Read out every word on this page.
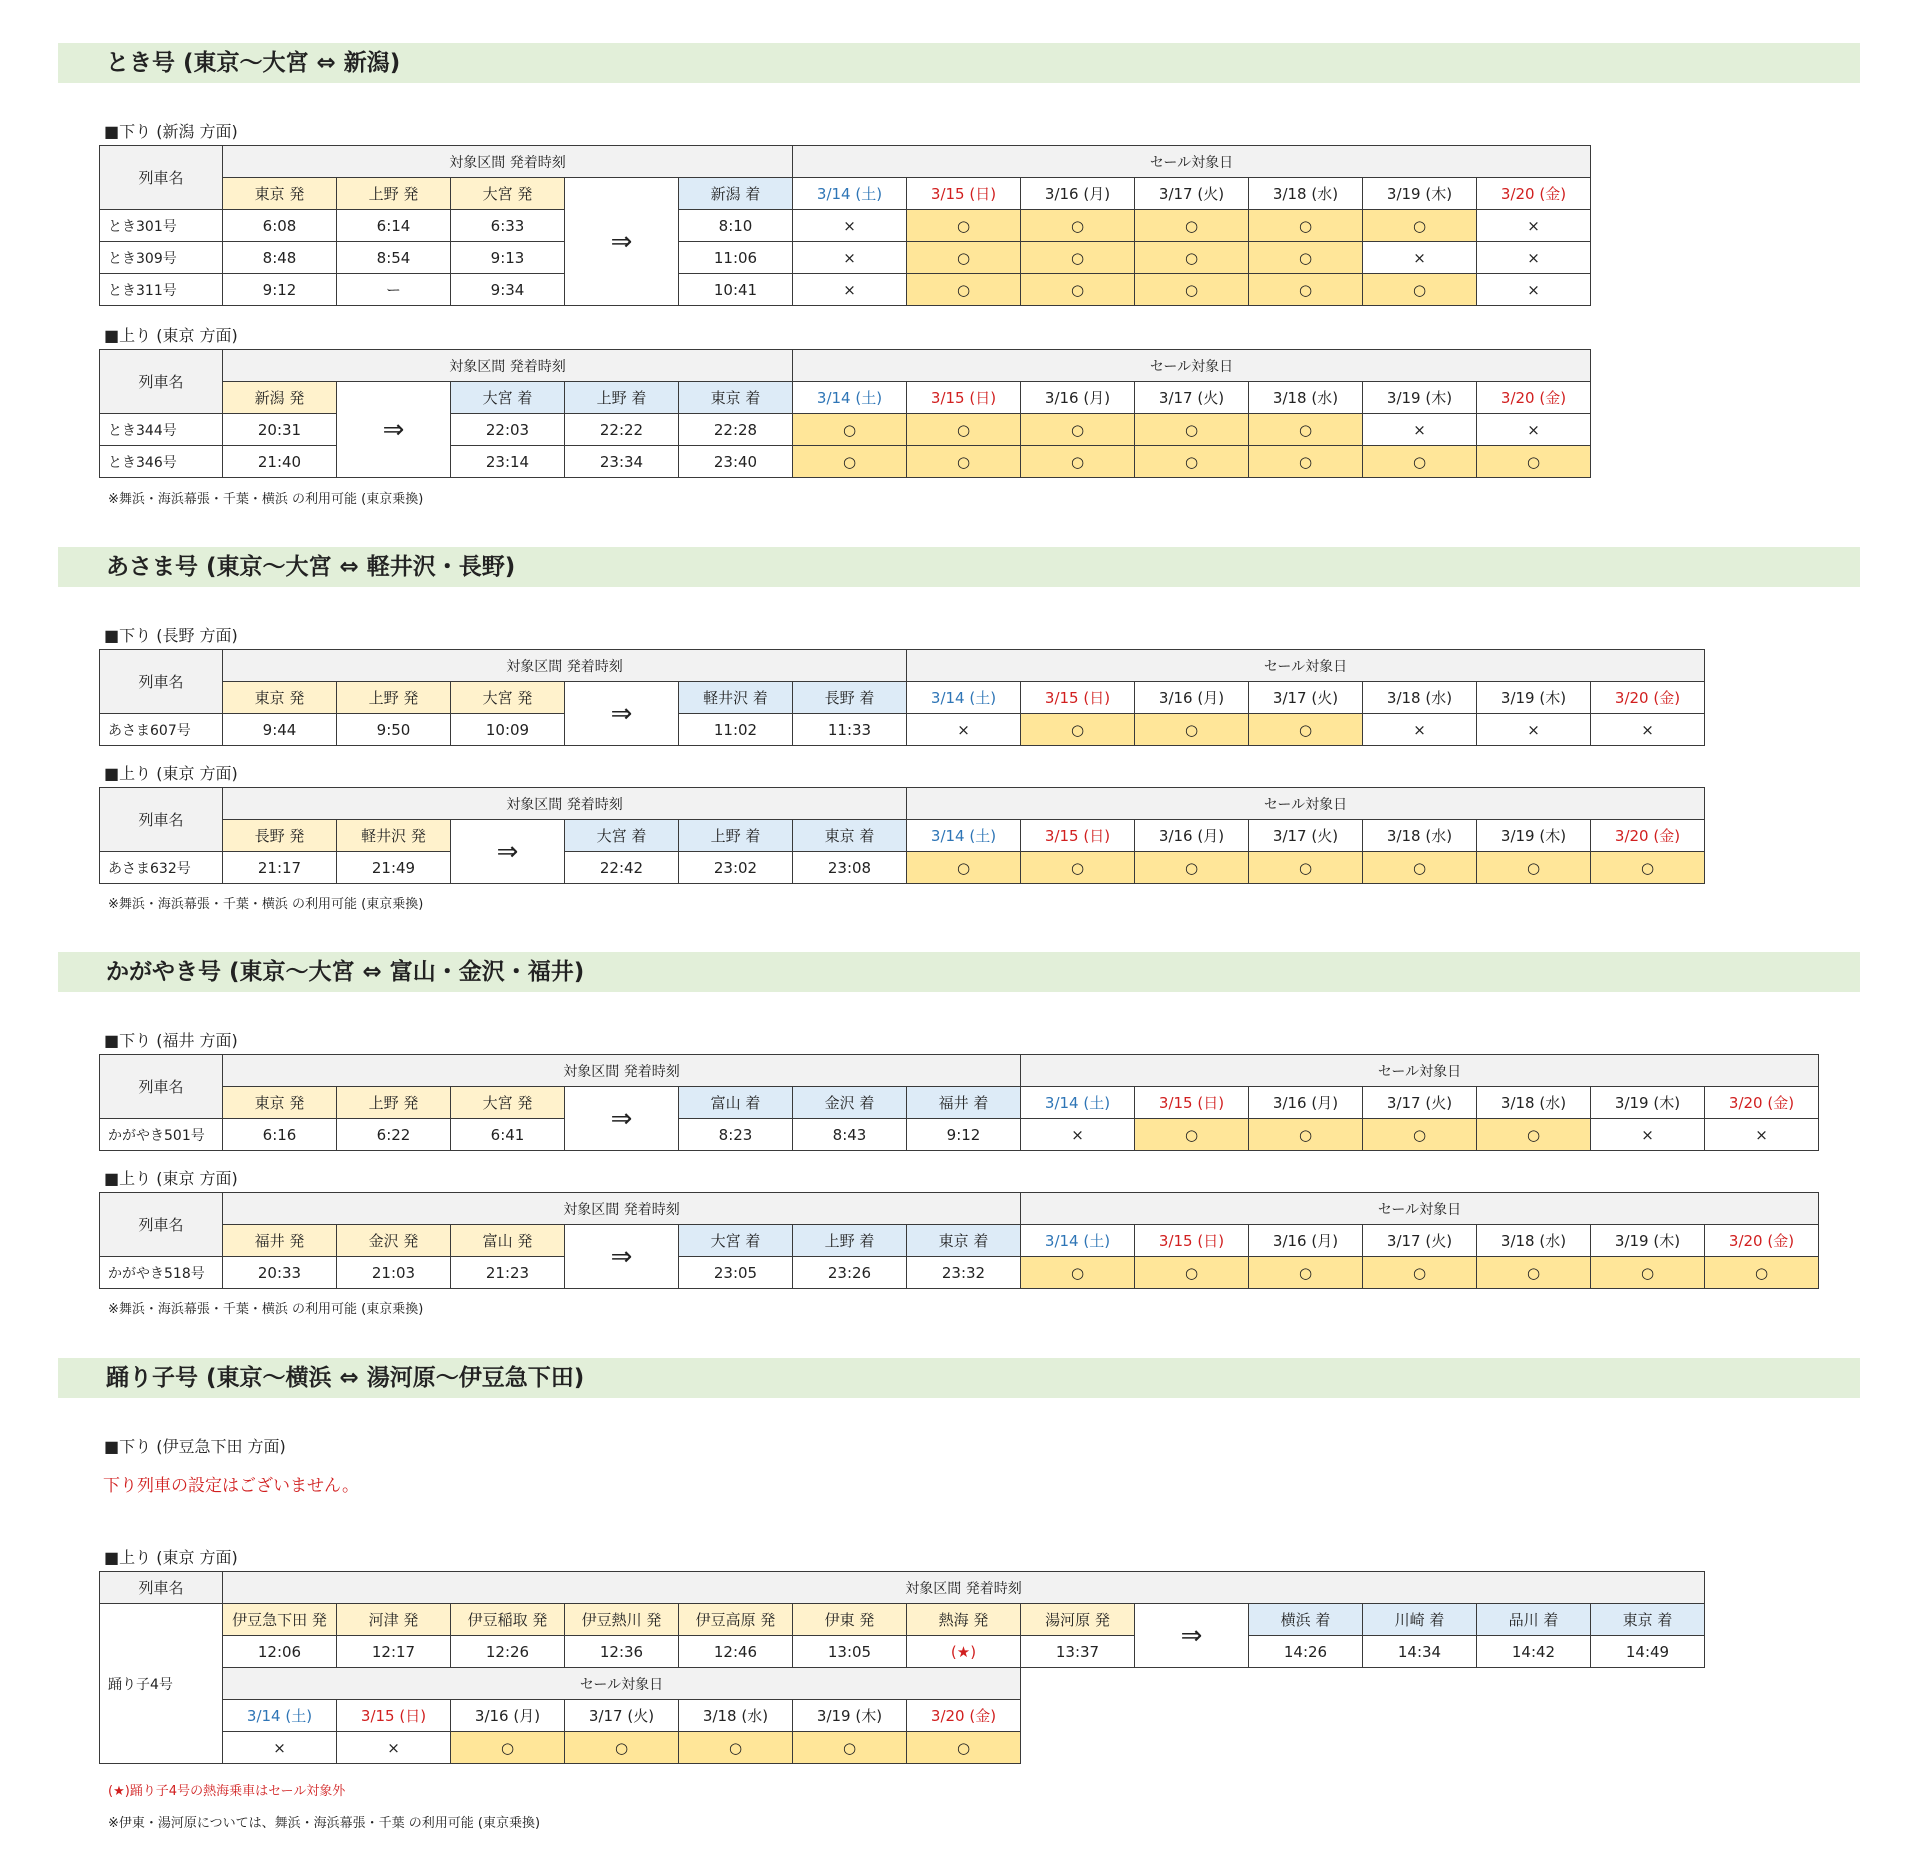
とき号 (東京～大宮 ⇔ 新潟)
■下り (新潟 方面)
列車名	対象区間 発着時刻					セール対象日						
	東京 発	上野 発	大宮 発	⇒	新潟 着	3/14 (土)	3/15 (日)	3/16 (月)	3/17 (火)	3/18 (水)	3/19 (木)	3/20 (金)
とき301号	6:08	6:14	6:33		8:10	×	○	○	○	○	○	×
とき309号	8:48	8:54	9:13		11:06	×	○	○	○	○	×	×
とき311号	9:12	ー	9:34		10:41	×	○	○	○	○	○	×
■上り (東京 方面)
列車名	対象区間 発着時刻					セール対象日						
	新潟 発	⇒	大宮 着	上野 着	東京 着	3/14 (土)	3/15 (日)	3/16 (月)	3/17 (火)	3/18 (水)	3/19 (木)	3/20 (金)
とき344号	20:31		22:03	22:22	22:28	○	○	○	○	○	×	×
とき346号	21:40		23:14	23:34	23:40	○	○	○	○	○	○	○
※舞浜・海浜幕張・千葉・横浜 の利用可能 (東京乗換)
あさま号 (東京～大宮 ⇔ 軽井沢・長野)
■下り (長野 方面)
列車名	対象区間 発着時刻						セール対象日						
	東京 発	上野 発	大宮 発	⇒	軽井沢 着	長野 着	3/14 (土)	3/15 (日)	3/16 (月)	3/17 (火)	3/18 (水)	3/19 (木)	3/20 (金)
あさま607号	9:44	9:50	10:09		11:02	11:33	×	○	○	○	×	×	×
■上り (東京 方面)
列車名	対象区間 発着時刻						セール対象日						
	長野 発	軽井沢 発	⇒	大宮 着	上野 着	東京 着	3/14 (土)	3/15 (日)	3/16 (月)	3/17 (火)	3/18 (水)	3/19 (木)	3/20 (金)
あさま632号	21:17	21:49		22:42	23:02	23:08	○	○	○	○	○	○	○
※舞浜・海浜幕張・千葉・横浜 の利用可能 (東京乗換)
かがやき号 (東京～大宮 ⇔ 富山・金沢・福井)
■下り (福井 方面)
列車名	対象区間 発着時刻							セール対象日						
	東京 発	上野 発	大宮 発	⇒	富山 着	金沢 着	福井 着	3/14 (土)	3/15 (日)	3/16 (月)	3/17 (火)	3/18 (水)	3/19 (木)	3/20 (金)
かがやき501号	6:16	6:22	6:41		8:23	8:43	9:12	×	○	○	○	○	×	×
■上り (東京 方面)
列車名	対象区間 発着時刻							セール対象日						
	福井 発	金沢 発	富山 発	⇒	大宮 着	上野 着	東京 着	3/14 (土)	3/15 (日)	3/16 (月)	3/17 (火)	3/18 (水)	3/19 (木)	3/20 (金)
かがやき518号	20:33	21:03	21:23		23:05	23:26	23:32	○	○	○	○	○	○	○
※舞浜・海浜幕張・千葉・横浜 の利用可能 (東京乗換)
踊り子号 (東京～横浜 ⇔ 湯河原～伊豆急下田)
■下り (伊豆急下田 方面)
下り列車の設定はございません。
■上り (東京 方面)
列車名	対象区間 発着時刻												
踊り子4号	伊豆急下田 発	河津 発	伊豆稲取 発	伊豆熱川 発	伊豆高原 発	伊東 発	熱海 発	湯河原 発	⇒	横浜 着	川崎 着	品川 着	東京 着
	12:06	12:17	12:26	12:36	12:46	13:05	(★)	13:37		14:26	14:34	14:42	14:49
	セール対象日												
	3/14 (土)	3/15 (日)	3/16 (月)	3/17 (火)	3/18 (水)	3/19 (木)	3/20 (金)						
	×	×	○	○	○	○	○						
(★)踊り子4号の熱海乗車はセール対象外
※伊東・湯河原については、舞浜・海浜幕張・千葉 の利用可能 (東京乗換)
